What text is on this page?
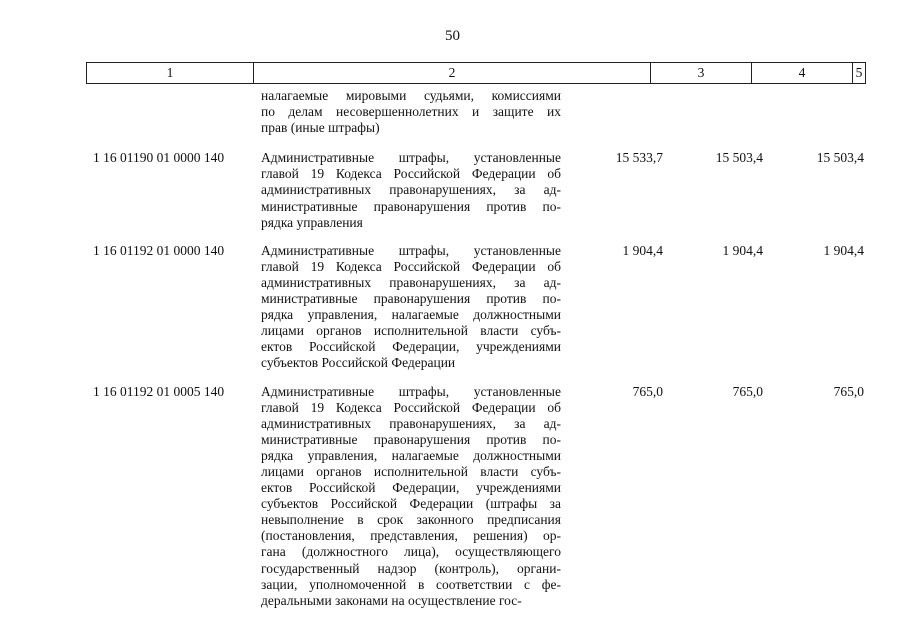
50
1	2	3	4	5
налагаемые мировыми судьями, комиссиями
по делам несовершеннолетних и защите их
прав (иные штрафы)
1 16 01190 01 0000 140	Административные штрафы, установленные
главой 19 Кодекса Российской Федерации об
административных правонарушениях, за ад-
министративные правонарушения против по-
рядка управления
15 533,7	15 503,4	15 503,4
1 16 01192 01 0000 140	Административные штрафы, установленные
главой 19 Кодекса Российской Федерации об
административных правонарушениях, за ад-
министративные правонарушения против по-
рядка управления, налагаемые должностными
лицами органов исполнительной власти субъ-
ектов Российской Федерации, учреждениями
субъектов Российской Федерации
1 904,4	1 904,4	1 904,4
1 16 01192 01 0005 140	Административные штрафы, установленные
главой 19 Кодекса Российской Федерации об
административных правонарушениях, за ад-
министративные правонарушения против по-
рядка управления, налагаемые должностными
лицами органов исполнительной власти субъ-
ектов Российской Федерации, учреждениями
субъектов Российской Федерации (штрафы за
невыполнение в срок законного предписания
(постановления, представления, решения) ор-
гана (должностного лица), осуществляющего
государственный надзор (контроль), органи-
зации, уполномоченной в соответствии с фе-
деральными законами на осуществление гос-
765,0	765,0	765,0
